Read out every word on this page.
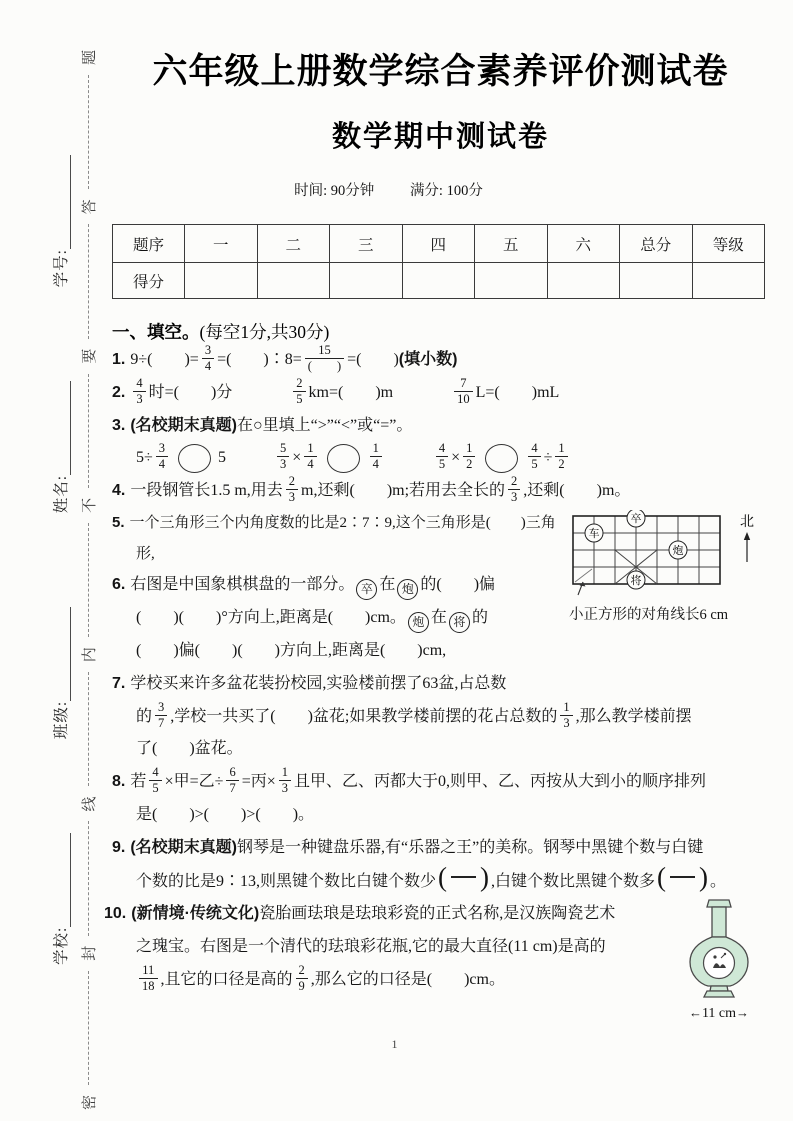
密
封
线
内
不
要
答
题
学校:
班级:
姓名:
学号:
六年级上册数学综合素养评价测试卷
数学期中测试卷
时间: 90分钟 满分: 100分
题序	一	二	三	四	五	六	总分	等级
得分								
一、填空。(每空1分,共30分)
1. 9÷(　　)= $\frac{3}{4}$ =(　　)∶8=
15
(　　) =(　　)(填小数)
2. $\frac{4}{3}$ 时=(　　)分	$\frac{2}{5} km=$(　　)m	$\frac{7}{10} L=$(　　)mL
3. (名校期末真题)在○里填上“>”“<”或“=”。
$5\div \frac{3}{4}$	5	$\frac{5}{3} \times \frac{1}{4}$	$\frac{1}{4}$	$\frac{4}{5} \times \frac{1}{2}$	$\frac{4}{5} \div \frac{1}{2}$
4. 一段钢管长1.5 m,用去 $\frac{2}{3} m$,还剩(　　)m;若用去全长的 $\frac{2}{3}$ ,还剩(　　)m。
卒
车
炮
将
北
小正方形的对角线长6 cm
5. 一个三角形三个内角度数的比是2∶7∶9,这个三角形是(　　)三角形,
6. 右图是中国象棋棋盘的一部分。 卒 在 炮 的(　　)偏
(　　)(　　)°方向上,距离是(　　)cm。 炮 在 将 的
(　　)偏(　　)(　　)方向上,距离是(　　)cm,
7. 学校买来许多盆花装扮校园,实验楼前摆了63盆,占总数
的 $\frac{3}{7}$ ,学校一共买了(　　)盆花;如果教学楼前摆的花占总数的 $\frac{1}{3}$ ,那么教学楼前摆
了(　　)盆花。
8. 若 $\frac{4}{5}$ ×甲=乙÷ $\frac{6}{7}$ =丙× $\frac{1}{3}$ 且甲、乙、丙都大于0,则甲、乙、丙按从大到小的顺序排列
是(　　)>(　　)>(　　)。
9. (名校期末真题)钢琴是一种键盘乐器,有“乐器之王”的美称。钢琴中黑键个数与白键
个数的比是9∶13,则黑键个数比白键个数少 ( ) ,白键个数比黑键个数多 ( ) 。
←11 cm→
10. (新情境·传统文化)瓷胎画珐琅是珐琅彩瓷的正式名称,是汉族陶瓷艺术
之瑰宝。右图是一个清代的珐琅彩花瓶,它的最大直径(11 cm)是高的

$\frac{11}{18}$ ,且它的口径是高的 $\frac{2}{9}$ ,那么它的口径是(　　)cm。
1
